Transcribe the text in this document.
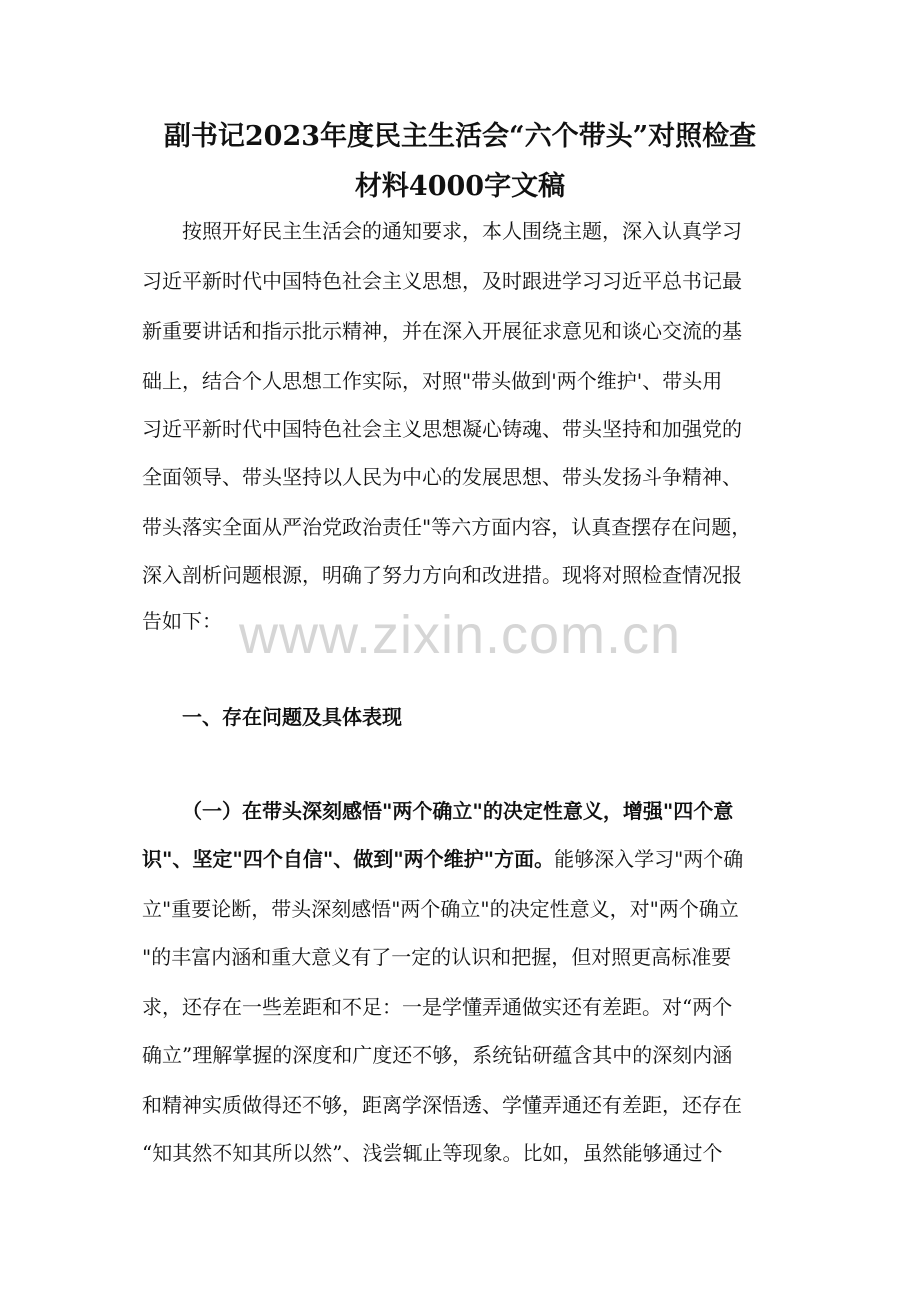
www.zixin.com.cn
副书记2023年度民主生活会“六个带头”对照检查
材料4000字文稿
按照开好民主生活会的通知要求，本人围绕主题，深入认真学习
习近平新时代中国特色社会主义思想，及时跟进学习习近平总书记最
新重要讲话和指示批示精神，并在深入开展征求意见和谈心交流的基
础上，结合个人思想工作实际，对照"带头做到'两个维护'、带头用
习近平新时代中国特色社会主义思想凝心铸魂、带头坚持和加强党的
全面领导、带头坚持以人民为中心的发展思想、带头发扬斗争精神、
带头落实全面从严治党政治责任"等六方面内容，认真查摆存在问题，
深入剖析问题根源，明确了努力方向和改进措。现将对照检查情况报
告如下：
一、存在问题及具体表现
（一）在带头深刻感悟"两个确立"的决定性意义，增强"四个意
识"、坚定"四个自信"、做到"两个维护"方面。能够深入学习"两个确
立"重要论断，带头深刻感悟"两个确立"的决定性意义，对"两个确立
"的丰富内涵和重大意义有了一定的认识和把握，但对照更高标准要
求，还存在一些差距和不足：一是学懂弄通做实还有差距。对“两个
确立”理解掌握的深度和广度还不够，系统钻研蕴含其中的深刻内涵
和精神实质做得还不够，距离学深悟透、学懂弄通还有差距，还存在
“知其然不知其所以然”、浅尝辄止等现象。比如，虽然能够通过个
